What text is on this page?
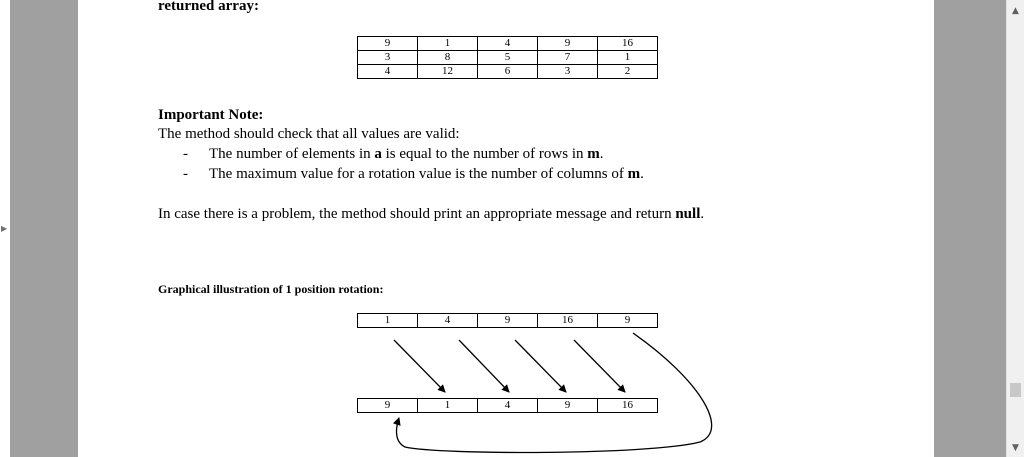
▶
▲
▼
returned array:
9	1	4	9	16
3	8	5	7	1
4	12	6	3	2
Important Note:
The method should check that all values are valid:
- The number of elements in a is equal to the number of rows in m.
- The maximum value for a rotation value is the number of columns of m.
In case there is a problem, the method should print an appropriate message and return null.
Graphical illustration of 1 position rotation:
1	4	9	16	9
9	1	4	9	16
